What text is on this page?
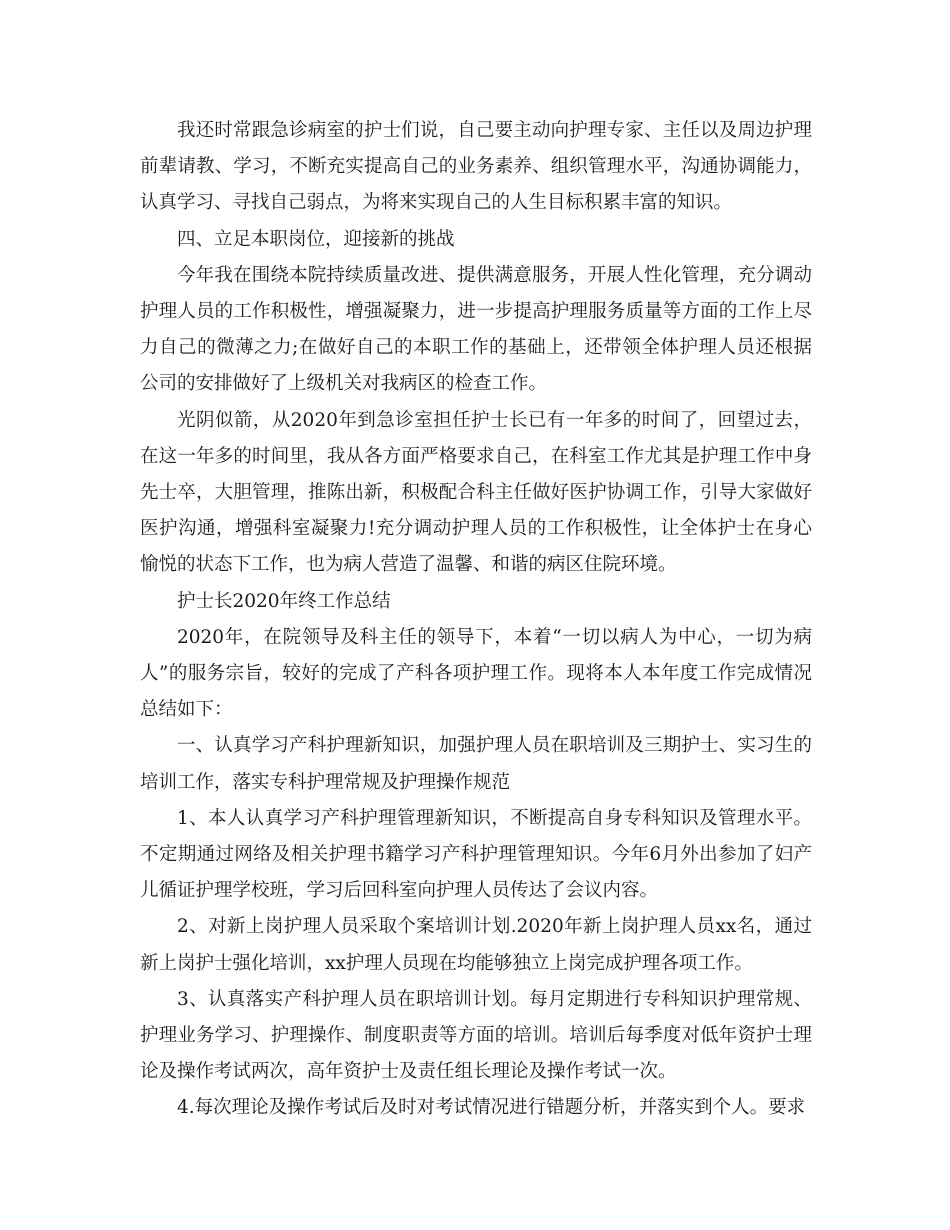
我还时常跟急诊病室的护士们说，自己要主动向护理专家、主任以及周边护理前辈请教、学习，不断充实提高自己的业务素养、组织管理水平，沟通协调能力，认真学习、寻找自己弱点，为将来实现自己的人生目标积累丰富的知识。

四、立足本职岗位，迎接新的挑战

今年我在围绕本院持续质量改进、提供满意服务，开展人性化管理，充分调动护理人员的工作积极性，增强凝聚力，进一步提高护理服务质量等方面的工作上尽力自己的微薄之力;在做好自己的本职工作的基础上，还带领全体护理人员还根据公司的安排做好了上级机关对我病区的检查工作。

光阴似箭，从2020年到急诊室担任护士长已有一年多的时间了，回望过去，在这一年多的时间里，我从各方面严格要求自己，在科室工作尤其是护理工作中身先士卒，大胆管理，推陈出新，积极配合科主任做好医护协调工作，引导大家做好医护沟通，增强科室凝聚力!充分调动护理人员的工作积极性，让全体护士在身心愉悦的状态下工作，也为病人营造了温馨、和谐的病区住院环境。

护士长2020年终工作总结

2020年，在院领导及科主任的领导下，本着“一切以病人为中心，一切为病人”的服务宗旨，较好的完成了产科各项护理工作。现将本人本年度工作完成情况总结如下：

一、认真学习产科护理新知识，加强护理人员在职培训及三期护士、实习生的培训工作，落实专科护理常规及护理操作规范

1、本人认真学习产科护理管理新知识，不断提高自身专科知识及管理水平。不定期通过网络及相关护理书籍学习产科护理管理知识。今年6月外出参加了妇产儿循证护理学校班，学习后回科室向护理人员传达了会议内容。

2、对新上岗护理人员采取个案培训计划.2020年新上岗护理人员xx名，通过新上岗护士强化培训，xx护理人员现在均能够独立上岗完成护理各项工作。

3、认真落实产科护理人员在职培训计划。每月定期进行专科知识护理常规、护理业务学习、护理操作、制度职责等方面的培训。培训后每季度对低年资护士理论及操作考试两次，高年资护士及责任组长理论及操作考试一次。

4.每次理论及操作考试后及时对考试情况进行错题分析，并落实到个人。要求
